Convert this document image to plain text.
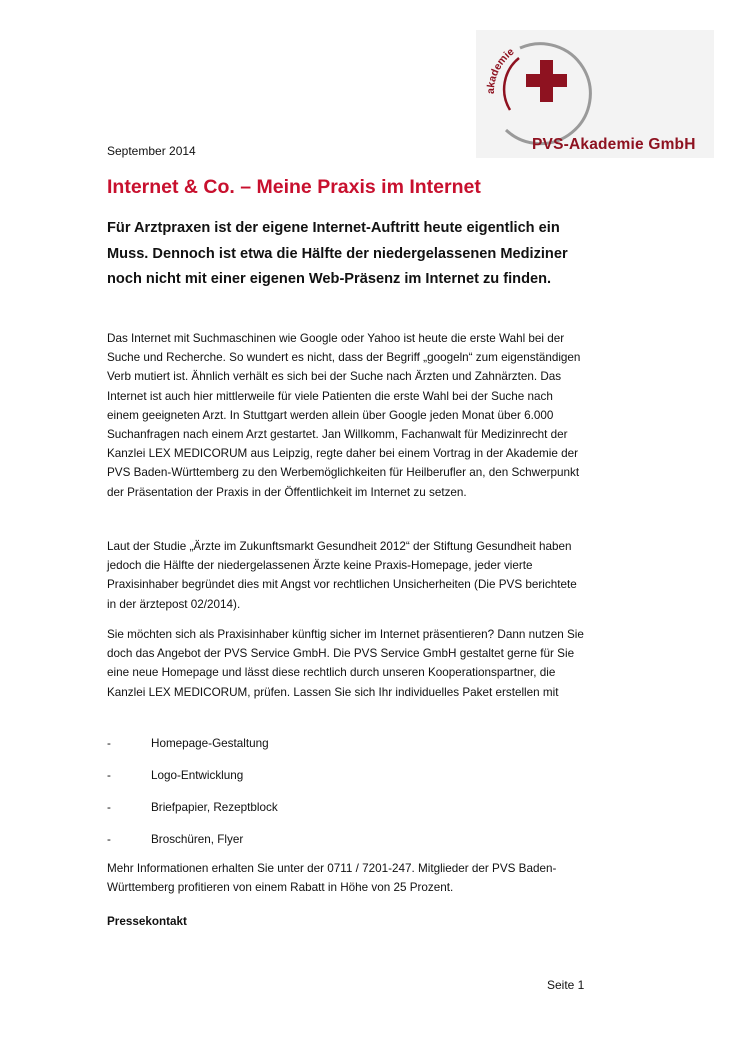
akademie
PVS-Akademie GmbH
September 2014
Internet & Co. – Meine Praxis im Internet

Für Arztpraxen ist der eigene Internet-Auftritt heute eigentlich ein Muss. Dennoch ist etwa die Hälfte der niedergelassenen Mediziner noch nicht mit einer eigenen Web-Präsenz im Internet zu finden.

Das Internet mit Suchmaschinen wie Google oder Yahoo ist heute die erste Wahl bei der Suche und Recherche. So wundert es nicht, dass der Begriff „googeln“ zum eigenständigen Verb mutiert ist. Ähnlich verhält es sich bei der Suche nach Ärzten und Zahnärzten. Das Internet ist auch hier mittlerweile für viele Patienten die erste Wahl bei der Suche nach einem geeigneten Arzt. In Stuttgart werden allein über Google jeden Monat über 6.000 Suchanfragen nach einem Arzt gestartet. Jan Willkomm, Fachanwalt für Medizinrecht der Kanzlei LEX MEDICORUM aus Leipzig, regte daher bei einem Vortrag in der Akademie der PVS Baden-Württemberg zu den Werbemöglichkeiten für Heilberufler an, den Schwerpunkt der Präsentation der Praxis in der Öffentlichkeit im Internet zu setzen.

Laut der Studie „Ärzte im Zukunftsmarkt Gesundheit 2012“ der Stiftung Gesundheit haben jedoch die Hälfte der niedergelassenen Ärzte keine Praxis-Homepage, jeder vierte Praxisinhaber begründet dies mit Angst vor rechtlichen Unsicherheiten (Die PVS berichtete in der ärztepost 02/2014).

Sie möchten sich als Praxisinhaber künftig sicher im Internet präsentieren? Dann nutzen Sie doch das Angebot der PVS Service GmbH. Die PVS Service GmbH gestaltet gerne für Sie eine neue Homepage und lässt diese rechtlich durch unseren Kooperationspartner, die Kanzlei LEX MEDICORUM, prüfen. Lassen Sie sich Ihr individuelles Paket erstellen mit

-	Homepage-Gestaltung
-	Logo-Entwicklung
-	Briefpapier, Rezeptblock
-	Broschüren, Flyer

Mehr Informationen erhalten Sie unter der 0711 / 7201-247. Mitglieder der PVS Baden-Württemberg profitieren von einem Rabatt in Höhe von 25 Prozent.

Pressekontakt

Seite 1
